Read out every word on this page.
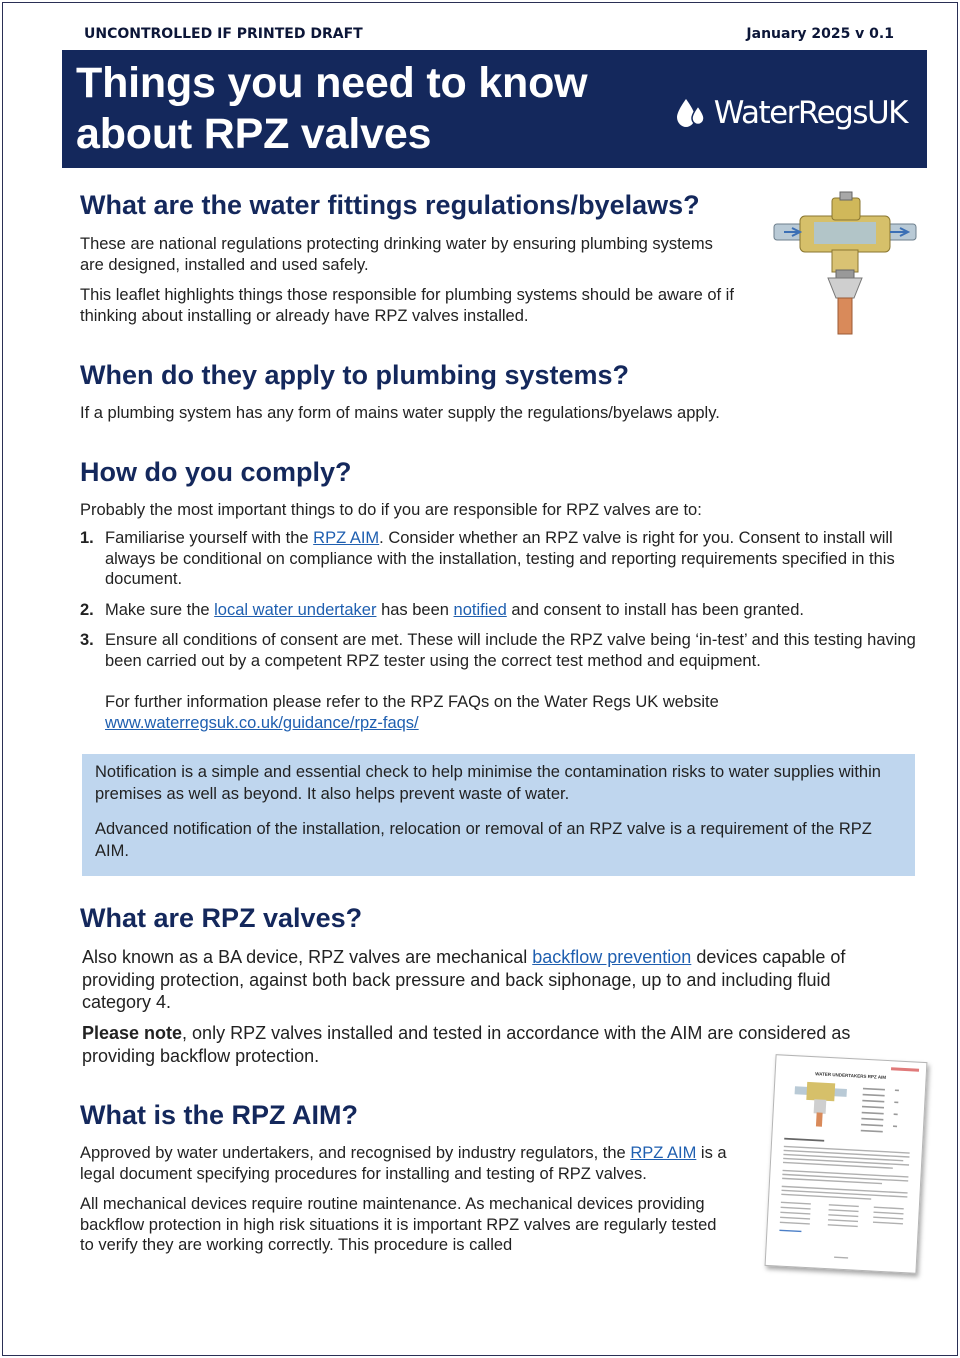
UNCONTROLLED IF PRINTED DRAFT	January 2025 v 0.1
Things you need to know
about RPZ valves	WaterRegsUK
What are the water fittings regulations/byelaws?

These are national regulations protecting drinking water by ensuring plumbing systems are designed, installed and used safely.

This leaflet highlights things those responsible for plumbing systems should be aware of if thinking about installing or already have RPZ valves installed.

When do they apply to plumbing systems?

If a plumbing system has any form of mains water supply the regulations/byelaws apply.

How do you comply?

Probably the most important things to do if you are responsible for RPZ valves are to:

1. Familiarise yourself with the RPZ AIM. Consider whether an RPZ valve is right for you. Consent to install will always be conditional on compliance with the installation, testing and reporting requirements specified in this document.
2. Make sure the local water undertaker has been notified and consent to install has been granted.
3. Ensure all conditions of consent are met. These will include the RPZ valve being ‘in-test’ and this testing having been carried out by a competent RPZ tester using the correct test method and equipment.

For further information please refer to the RPZ FAQs on the Water Regs UK website
www.waterregsuk.co.uk/guidance/rpz-faqs/

Notification is a simple and essential check to help minimise the contamination risks to water supplies within premises as well as beyond. It also helps prevent waste of water.

Advanced notification of the installation, relocation or removal of an RPZ valve is a requirement of the RPZ AIM.

What are RPZ valves?

Also known as a BA device, RPZ valves are mechanical backflow prevention devices capable of providing protection, against both back pressure and back siphonage, up to and including fluid category 4.

Please note, only RPZ valves installed and tested in accordance with the AIM are considered as providing backflow protection.

What is the RPZ AIM?

Approved by water undertakers, and recognised by industry regulators, the RPZ AIM is a legal document specifying procedures for installing and testing of RPZ valves.

All mechanical devices require routine maintenance. As mechanical devices providing backflow protection in high risk situations it is important RPZ valves are regularly tested to verify they are working correctly. This procedure is called

WATER UNDERTAKERS RPZ AIM
